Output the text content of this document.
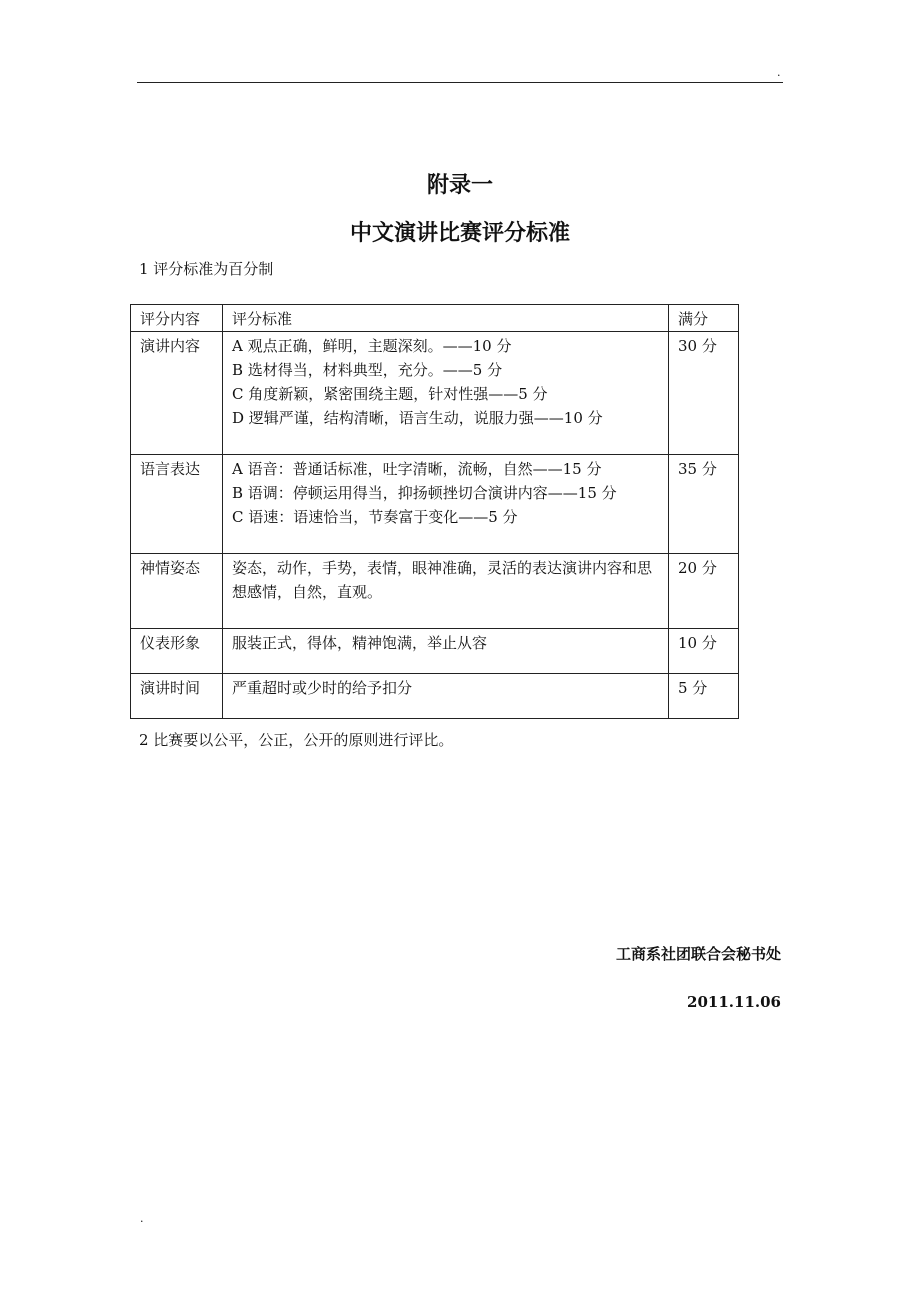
.
附录一
中文演讲比赛评分标准
1 评分标准为百分制
评分内容	评分标准	满分
演讲内容	A 观点正确，鲜明，主题深刻。——10 分
B 选材得当，材料典型，充分。——5 分
C 角度新颖，紧密围绕主题，针对性强——5 分
D 逻辑严谨，结构清晰，语言生动，说服力强——10 分	30 分
语言表达	A 语音：普通话标准，吐字清晰，流畅，自然——15 分
B 语调：停顿运用得当，抑扬顿挫切合演讲内容——15 分
C 语速：语速恰当，节奏富于变化——5 分	35 分
神情姿态	姿态，动作，手势，表情，眼神准确，灵活的表达演讲内容和思想感情，自然，直观。	20 分
仪表形象	服装正式，得体，精神饱满，举止从容	10 分
演讲时间	严重超时或少时的给予扣分	5 分
2 比赛要以公平，公正，公开的原则进行评比。
工商系社团联合会秘书处
2011.11.06
.
